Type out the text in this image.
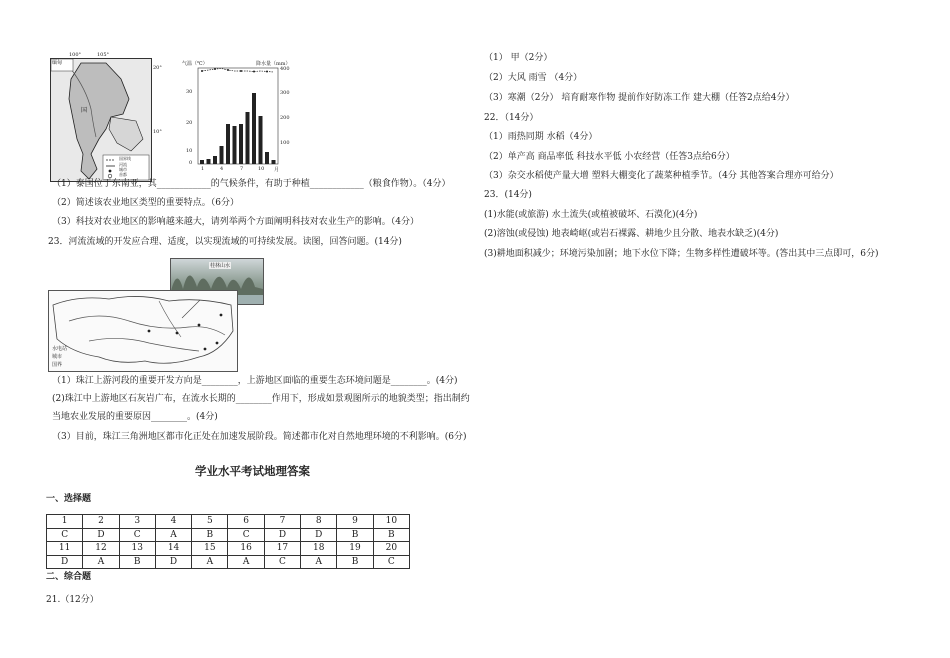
缅甸
国
100°	105°
20°
10°
国界线
河流
城市
首都
气温（℃）	降水量（mm）
30
20
10
0
400
300
200
100
1	4	7	10 月
（1）泰国位于东南亚，其____________的气候条件，有助于种植____________（粮食作物）。（4分）
（2）简述该农业地区类型的重要特点。（6分）
（3）科技对农业地区的影响越来越大，请列举两个方面阐明科技对农业生产的影响。（4分）
23．河流流域的开发应合理、适度，以实现流域的可持续发展。读图，回答问题。(14分)
桂林山水
水电站
城市
国界
（1）珠江上游河段的重要开发方向是________，上游地区面临的重要生态环境问题是________。(4分)
(2)珠江中上游地区石灰岩广布，在流水长期的________作用下，形成如景观图所示的地貌类型；指出制约
当地农业发展的重要原因________。(4分)
（3）目前，珠江三角洲地区都市化正处在加速发展阶段。简述都市化对自然地理环境的不利影响。(6分)
学业水平考试地理答案
一、选择题
1	2	3	4	5	6	7	8	9	10
C	D	C	A	B	C	D	D	B	B
11	12	13	14	15	16	17	18	19	20
D	A	B	D	A	A	C	A	B	C
二、综合题
21.（12分）
（1） 甲（2分）
（2）大风 雨雪 （4分）
（3）寒潮（2分） 培育耐寒作物 提前作好防冻工作 建大棚（任答2点给4分）
22．（14分）
（1）雨热同期 水稻（4分）
（2）单产高 商品率低 科技水平低 小农经营（任答3点给6分）
（3）杂交水稻使产量大增 塑料大棚变化了蔬菜种植季节。（4分 其他答案合理亦可给分）
23．(14分)
(1)水能(或旅游) 水土流失(或植被破坏、石漠化)(4分)
(2)溶蚀(或侵蚀) 地表崎岖(或岩石裸露、耕地少且分散、地表水缺乏)(4分)
(3)耕地面积减少；环境污染加剧；地下水位下降；生物多样性遭破坏等。(答出其中三点即可，6分)
